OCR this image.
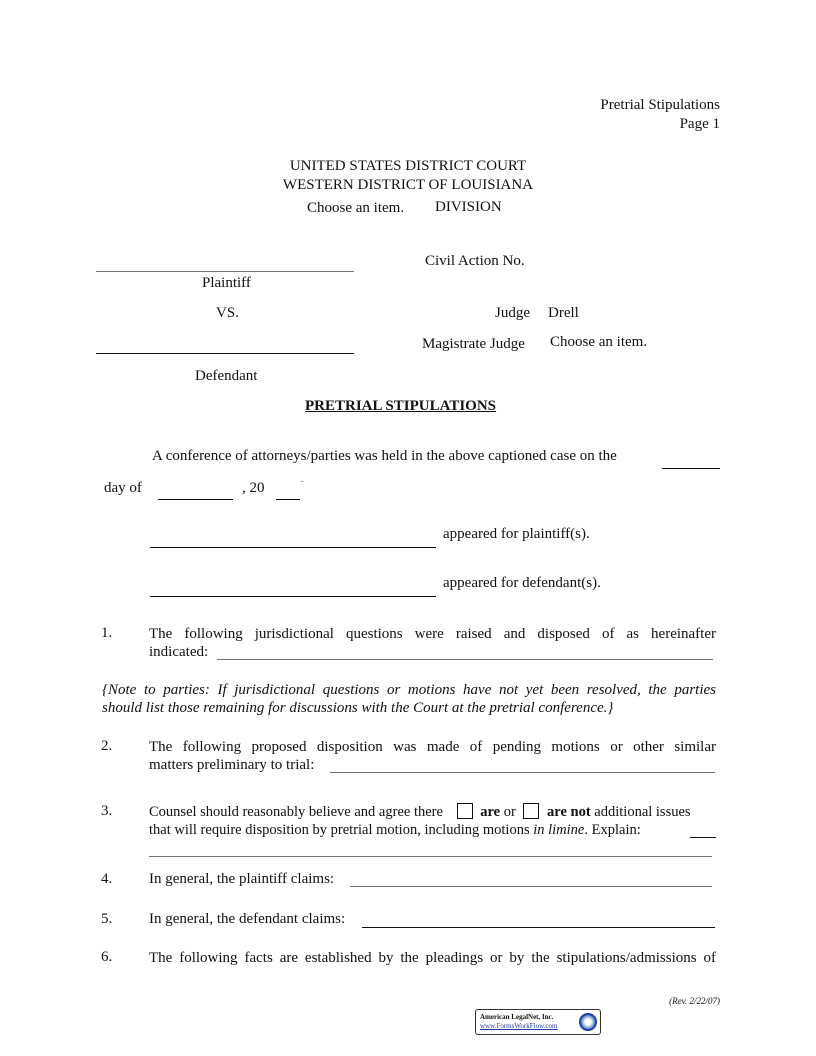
Pretrial Stipulations
Page 1
UNITED STATES DISTRICT COURT
WESTERN DISTRICT OF LOUISIANA
Choose an item. DIVISION
Plaintiff
Civil Action No.
VS.	Judge Drell
Magistrate Judge Choose an item.
Defendant
PRETRIAL STIPULATIONS
A conference of attorneys/parties was held in the above captioned case on the
day of	, 20
.
appeared for plaintiff(s).
appeared for defendant(s).
1. The following jurisdictional questions were raised and disposed of as hereinafter
indicated:
{Note to parties: If jurisdictional questions or motions have not yet been resolved, the parties
should list those remaining for discussions with the Court at the pretrial conference.}
2. The following proposed disposition was made of pending motions or other similar
matters preliminary to trial:
3.	Counsel should reasonably believe and agree there	are or are not additional issues
that will require disposition by pretrial motion, including motions in limine. Explain:
4. In general, the plaintiff claims:
5. In general, the defendant claims:
6. The following facts are established by the pleadings or by the stipulations/admissions of
(Rev. 2/22/07)
American LegalNet, Inc.
www.FormsWorkFlow.com
